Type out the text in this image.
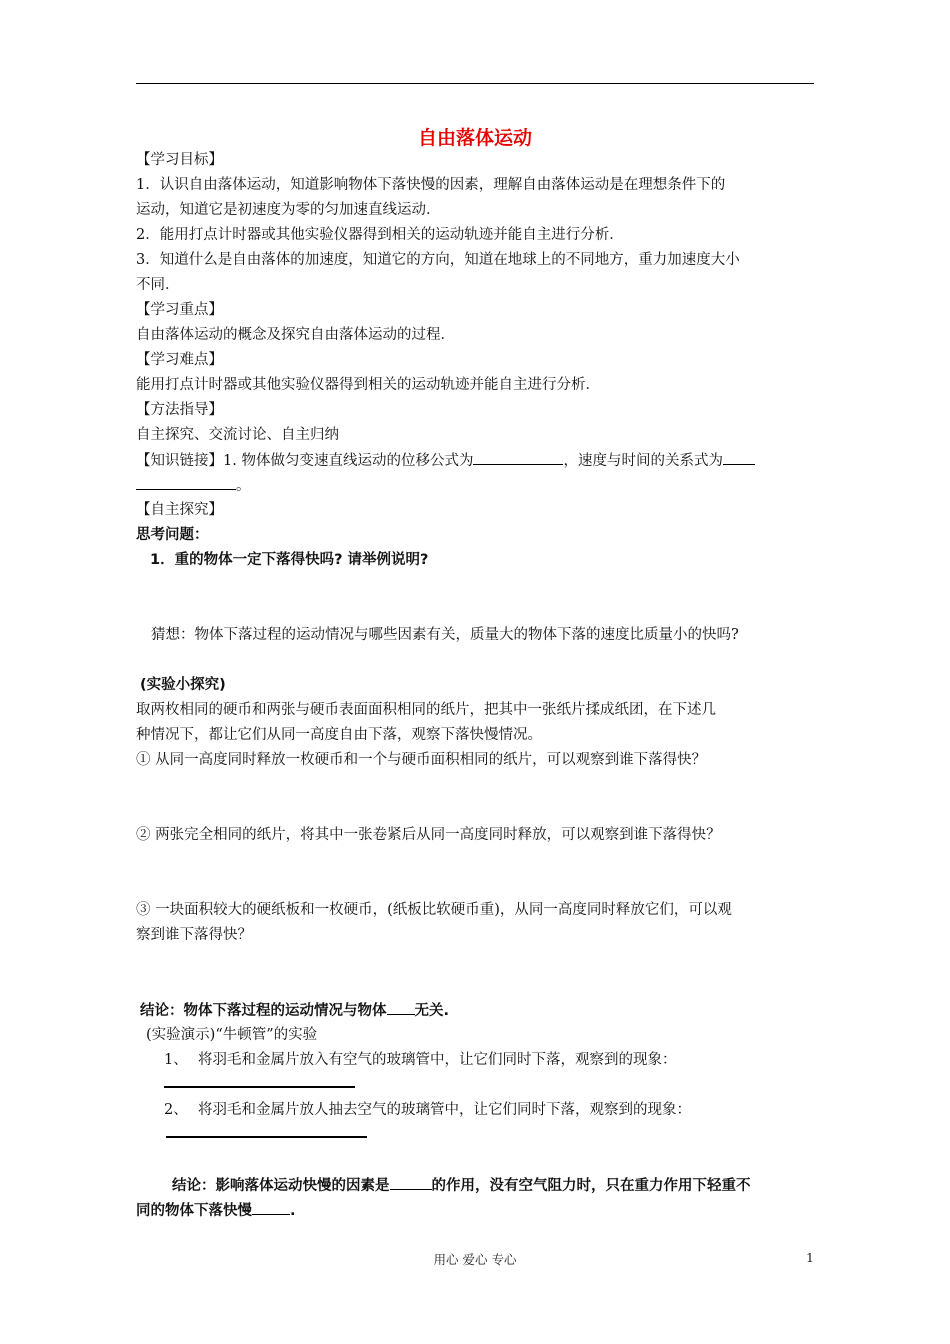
自由落体运动
【学习目标】
1．认识自由落体运动，知道影响物体下落快慢的因素，理解自由落体运动是在理想条件下的
运动，知道它是初速度为零的匀加速直线运动．
2．能用打点计时器或其他实验仪器得到相关的运动轨迹并能自主进行分析．
3．知道什么是自由落体的加速度，知道它的方向，知道在地球上的不同地方，重力加速度大小
不同．
【学习重点】
自由落体运动的概念及探究自由落体运动的过程．
【学习难点】
能用打点计时器或其他实验仪器得到相关的运动轨迹并能自主进行分析．
【方法指导】
自主探究、交流讨论、自主归纳
【知识链接】1. 物体做匀变速直线运动的位移公式为	，速度与时间的关系式为
。
【自主探究】
思考问题：
1．重的物体一定下落得快吗? 请举例说明?
猜想：物体下落过程的运动情况与哪些因素有关，质量大的物体下落的速度比质量小的快吗?
(实验小探究)
取两枚相同的硬币和两张与硬币表面面积相同的纸片，把其中一张纸片揉成纸团，在下述几
种情况下，都让它们从同一高度自由下落，观察下落快慢情况。
① 从同一高度同时释放一枚硬币和一个与硬币面积相同的纸片，可以观察到谁下落得快？
② 两张完全相同的纸片，将其中一张卷紧后从同一高度同时释放，可以观察到谁下落得快？
③ 一块面积较大的硬纸板和一枚硬币，(纸板比软硬币重)，从同一高度同时释放它们，可以观
察到谁下落得快？
结论：物体下落过程的运动情况与物体 无关.
(实验演示)“牛顿管”的实验
1、 将羽毛和金属片放入有空气的玻璃管中，让它们同时下落，观察到的现象：
2、 将羽毛和金属片放人抽去空气的玻璃管中，让它们同时下落，观察到的现象：
结论：影响落体运动快慢的因素是	的作用，没有空气阻力时，只在重力作用下轻重不
同的物体下落快慢	.
用心 爱心 专心	1
